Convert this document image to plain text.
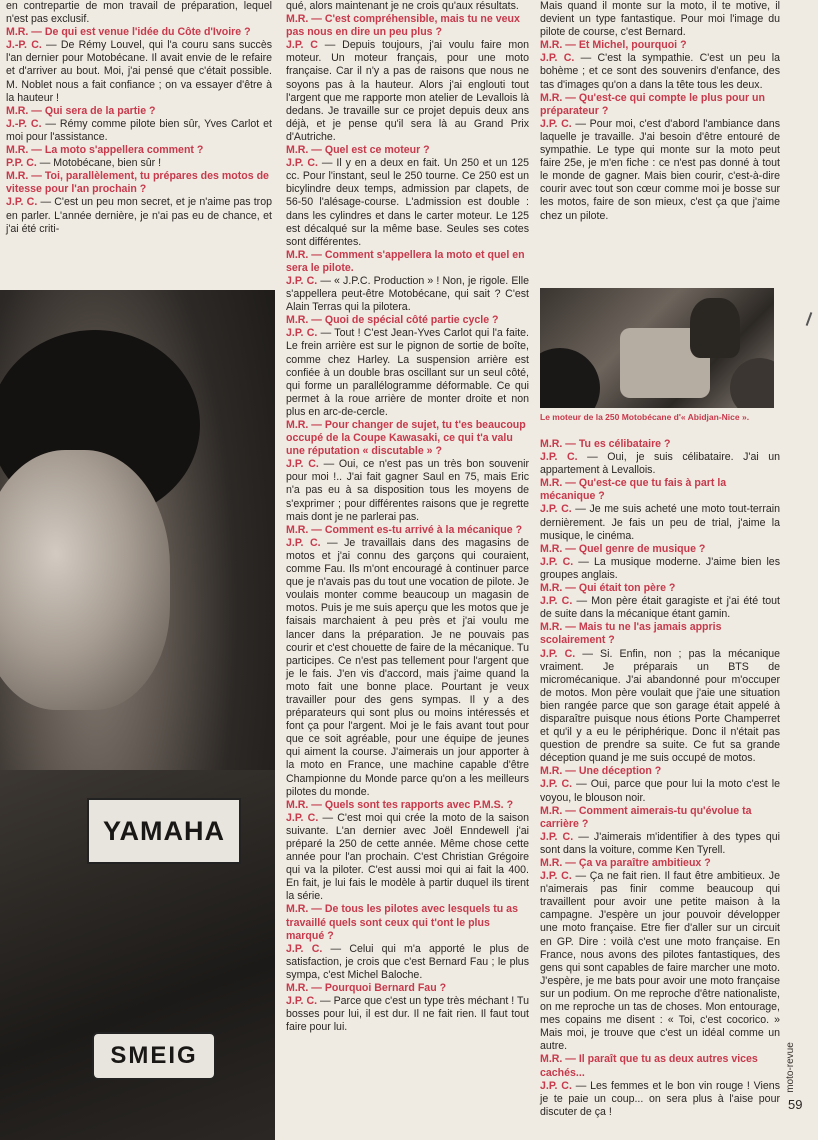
en contrepartie de mon travail de préparation, lequel n'est pas exclusif.

M.R. — De qui est venue l'idée du Côte d'Ivoire ?

J.-P. C. — De Rémy Louvel, qui l'a couru sans succès l'an dernier pour Motobécane. Il avait envie de le refaire et d'arriver au bout. Moi, j'ai pensé que c'était possible. M. Noblet nous a fait confiance ; on va essayer d'être à la hauteur !

M.R. — Qui sera de la partie ?

J.-P. C. — Rémy comme pilote bien sûr, Yves Carlot et moi pour l'assistance.

M.R. — La moto s'appellera comment ?

P.P. C. — Motobécane, bien sûr !

M.R. — Toi, parallèlement, tu prépares des motos de vitesse pour l'an prochain ?

J.P. C. — C'est un peu mon secret, et je n'aime pas trop en parler. L'année dernière, je n'ai pas eu de chance, et j'ai été criti-

qué, alors maintenant je ne crois qu'aux résultats.

M.R. — C'est compréhensible, mais tu ne veux pas nous en dire un peu plus ?

J.P. C — Depuis toujours, j'ai voulu faire mon moteur. Un moteur français, pour une moto française. Car il n'y a pas de raisons que nous ne soyons pas à la hauteur. Alors j'ai englouti tout l'argent que me rapporte mon atelier de Levallois là dedans. Je travaille sur ce projet depuis deux ans déjà, et je pense qu'il sera là au Grand Prix d'Autriche.

M.R. — Quel est ce moteur ?

J.P. C. — Il y en a deux en fait. Un 250 et un 125 cc. Pour l'instant, seul le 250 tourne. Ce 250 est un bicylindre deux temps, admission par clapets, de 56-50 l'alésage-course. L'admission est double : dans les cylindres et dans le carter moteur. Le 125 est décalqué sur la même base. Seules ses cotes sont différentes.

M.R. — Comment s'appellera la moto et quel en sera le pilote.

J.P. C. — « J.P.C. Production » ! Non, je rigole. Elle s'appellera peut-être Motobécane, qui sait ? C'est Alain Terras qui la pilotera.

M.R. — Quoi de spécial côté partie cycle ?

J.P. C. — Tout ! C'est Jean-Yves Carlot qui l'a faite. Le frein arrière est sur le pignon de sortie de boîte, comme chez Harley. La suspension arrière est confiée à un double bras oscillant sur un seul côté, qui forme un parallélogramme déformable. Ce qui permet à la roue arrière de monter droite et non plus en arc-de-cercle.

M.R. — Pour changer de sujet, tu t'es beaucoup occupé de la Coupe Kawasaki, ce qui t'a valu une réputation « discutable » ?

J.P. C. — Oui, ce n'est pas un très bon souvenir pour moi !.. J'ai fait gagner Saul en 75, mais Eric n'a pas eu à sa disposition tous les moyens de s'exprimer ; pour différentes raisons que je regrette mais dont je ne parlerai pas.

M.R. — Comment es-tu arrivé à la mécanique ?

J.P. C. — Je travaillais dans des magasins de motos et j'ai connu des garçons qui couraient, comme Fau. Ils m'ont encouragé à continuer parce que je n'avais pas du tout une vocation de pilote. Je voulais monter comme beaucoup un magasin de motos. Puis je me suis aperçu que les motos que je faisais marchaient à peu près et j'ai voulu me lancer dans la préparation. Je ne pouvais pas courir et c'est chouette de faire de la mécanique. Tu participes. Ce n'est pas tellement pour l'argent que je le fais. J'en vis d'accord, mais j'aime quand la moto fait une bonne place. Pourtant je veux travailler pour des gens sympas. Il y a des préparateurs qui sont plus ou moins intéressés et font ça pour l'argent. Moi je le fais avant tout pour que ce soit agréable, pour une équipe de jeunes qui aiment la course. J'aimerais un jour apporter à la moto en France, une machine capable d'être Championne du Monde parce qu'on a les meilleurs pilotes du monde.

M.R. — Quels sont tes rapports avec P.M.S. ?

J.P. C. — C'est moi qui crée la moto de la saison suivante. L'an dernier avec Joël Enndewell j'ai préparé la 250 de cette année. Même chose cette année pour l'an prochain. C'est Christian Grégoire qui va la piloter. C'est aussi moi qui ai fait la 400. En fait, je lui fais le modèle à partir duquel ils tirent la série.

M.R. — De tous les pilotes avec lesquels tu as travaillé quels sont ceux qui t'ont le plus marqué ?

J.P. C. — Celui qui m'a apporté le plus de satisfaction, je crois que c'est Bernard Fau ; le plus sympa, c'est Michel Baloche.

M.R. — Pourquoi Bernard Fau ?

J.P. C. — Parce que c'est un type très méchant ! Tu bosses pour lui, il est dur. Il ne fait rien. Il faut tout faire pour lui.

Mais quand il monte sur la moto, il te motive, il devient un type fantastique. Pour moi l'image du pilote de course, c'est Bernard.

M.R. — Et Michel, pourquoi ?

J.P. C. — C'est la sympathie. C'est un peu la bohème ; et ce sont des souvenirs d'enfance, des tas d'images qu'on a dans la tête tous les deux.

M.R. — Qu'est-ce qui compte le plus pour un préparateur ?

J.P. C. — Pour moi, c'est d'abord l'ambiance dans laquelle je travaille. J'ai besoin d'être entouré de sympathie. Le type qui monte sur la moto peut faire 25e, je m'en fiche : ce n'est pas donné à tout le monde de gagner. Mais bien courir, c'est-à-dire courir avec tout son cœur comme moi je bosse sur les motos, faire de son mieux, c'est ça que j'aime chez un pilote.

M.R. — Tu es célibataire ?

J.P. C. — Oui, je suis célibataire. J'ai un appartement à Levallois.

M.R. — Qu'est-ce que tu fais à part la mécanique ?

J.P. C. — Je me suis acheté une moto tout-terrain dernièrement. Je fais un peu de trial, j'aime la musique, le cinéma.

M.R. — Quel genre de musique ?

J.P. C. — La musique moderne. J'aime bien les groupes anglais.

M.R. — Qui était ton père ?

J.P. C. — Mon père était garagiste et j'ai été tout de suite dans la mécanique étant gamin.

M.R. — Mais tu ne l'as jamais appris scolairement ?

J.P. C. — Si. Enfin, non ; pas la mécanique vraiment. Je préparais un BTS de micromécanique. J'ai abandonné pour m'occuper de motos. Mon père voulait que j'aie une situation bien rangée parce que son garage était appelé à disparaître puisque nous étions Porte Champerret et qu'il y a eu le périphérique. Donc il n'était pas question de prendre sa suite. Ce fut sa grande déception quand je me suis occupé de motos.

M.R. — Une déception ?

J.P. C. — Oui, parce que pour lui la moto c'est le voyou, le blouson noir.

M.R. — Comment aimerais-tu qu'évolue ta carrière ?

J.P. C. — J'aimerais m'identifier à des types qui sont dans la voiture, comme Ken Tyrell.

M.R. — Ça va paraître ambitieux ?

J.P. C. — Ça ne fait rien. Il faut être ambitieux. Je n'aimerais pas finir comme beaucoup qui travaillent pour avoir une petite maison à la campagne. J'espère un jour pouvoir développer une moto française. Etre fier d'aller sur un circuit en GP. Dire : voilà c'est une moto française. En France, nous avons des pilotes fantastiques, des gens qui sont capables de faire marcher une moto. J'espère, je me bats pour avoir une moto française sur un podium. On me reproche d'être nationaliste, on me reproche un tas de choses. Mon entourage, mes copains me disent : « Toi, c'est cocorico. » Mais moi, je trouve que c'est un idéal comme un autre.

M.R. — Il paraît que tu as deux autres vices cachés...

J.P. C. — Les femmes et le bon vin rouge ! Viens je te paie un coup... on sera plus à l'aise pour discuter de ça !

YAMAHA
SMEIG
Le moteur de la 250 Motobécane d'« Abidjan-Nice ».
moto-revue
59
